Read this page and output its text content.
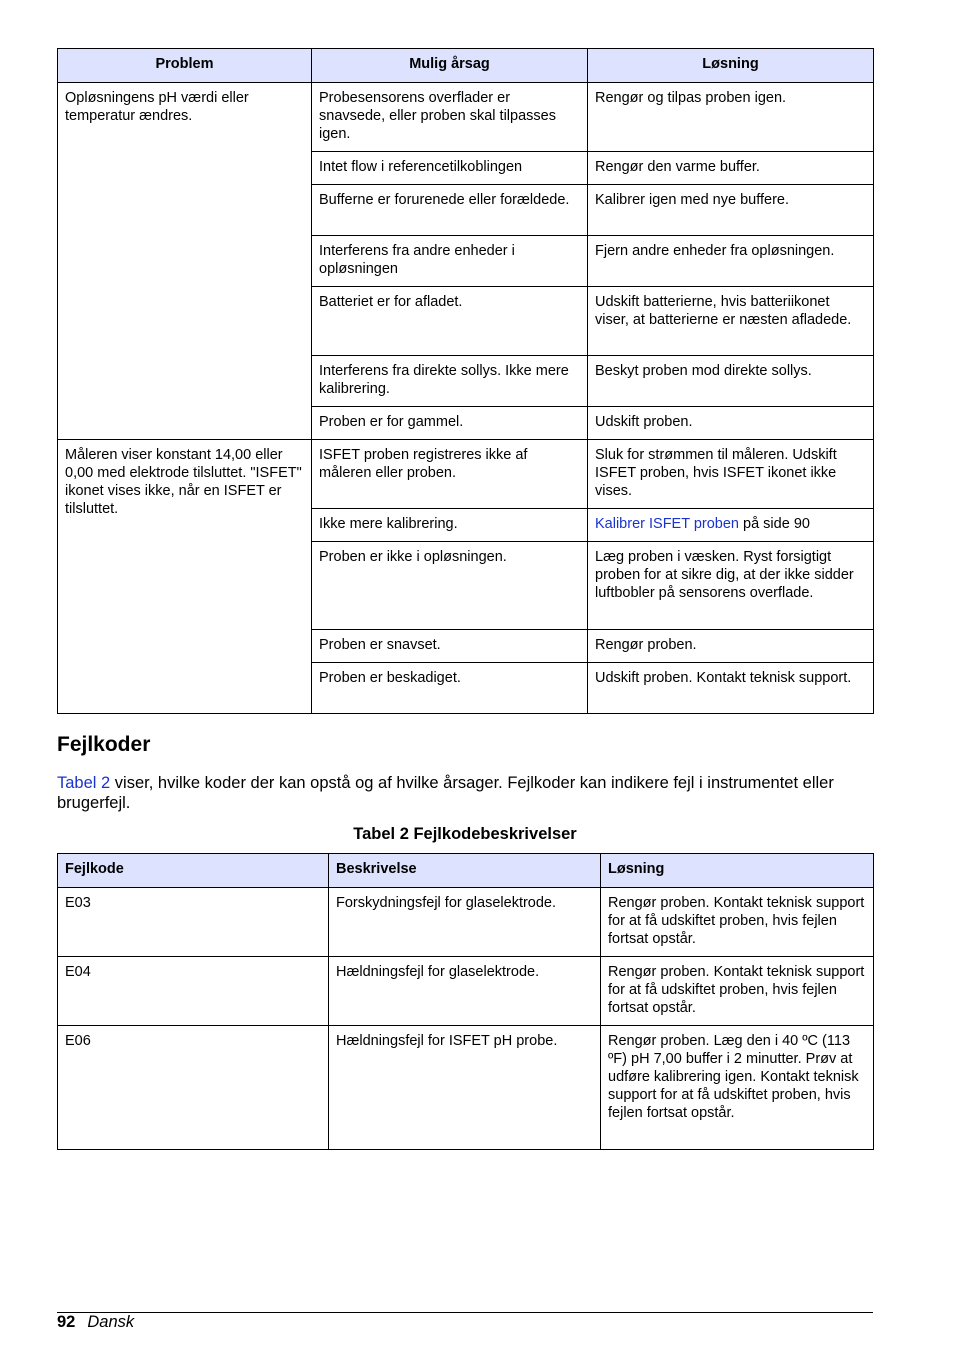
Problem	Mulig årsag	Løsning
Opløsningens pH værdi eller temperatur ændres.	Probesensorens overflader er snavsede, eller proben skal tilpasses igen.	Rengør og tilpas proben igen.
	Intet flow i referencetilkoblingen	Rengør den varme buffer.
	Bufferne er forurenede eller forældede.	Kalibrer igen med nye buffere.
	Interferens fra andre enheder i opløsningen	Fjern andre enheder fra opløsningen.
	Batteriet er for afladet.	Udskift batterierne, hvis batteriikonet viser, at batterierne er næsten afladede.
	Interferens fra direkte sollys. Ikke mere kalibrering.	Beskyt proben mod direkte sollys.
	Proben er for gammel.	Udskift proben.
Måleren viser konstant 14,00 eller 0,00 med elektrode tilsluttet. "ISFET" ikonet vises ikke, når en ISFET er tilsluttet.	ISFET proben registreres ikke af måleren eller proben.	Sluk for strømmen til måleren. Udskift ISFET proben, hvis ISFET ikonet ikke vises.
	Ikke mere kalibrering.	Kalibrer ISFET proben på side 90
	Proben er ikke i opløsningen.	Læg proben i væsken. Ryst forsigtigt proben for at sikre dig, at der ikke sidder luftbobler på sensorens overflade.
	Proben er snavset.	Rengør proben.
	Proben er beskadiget.	Udskift proben. Kontakt teknisk support.
Fejlkoder

Tabel 2 viser, hvilke koder der kan opstå og af hvilke årsager. Fejlkoder kan indikere fejl i instrumentet eller brugerfejl.

Tabel 2 Fejlkodebeskrivelser

Fejlkode	Beskrivelse	Løsning
E03	Forskydningsfejl for glaselektrode.	Rengør proben. Kontakt teknisk support for at få udskiftet proben, hvis fejlen fortsat opstår.
E04	Hældningsfejl for glaselektrode.	Rengør proben. Kontakt teknisk support for at få udskiftet proben, hvis fejlen fortsat opstår.
E06	Hældningsfejl for ISFET pH probe.	Rengør proben. Læg den i 40 ºC (113 ºF) pH 7,00 buffer i 2 minutter. Prøv at udføre kalibrering igen. Kontakt teknisk support for at få udskiftet proben, hvis fejlen fortsat opstår.
92 Dansk
